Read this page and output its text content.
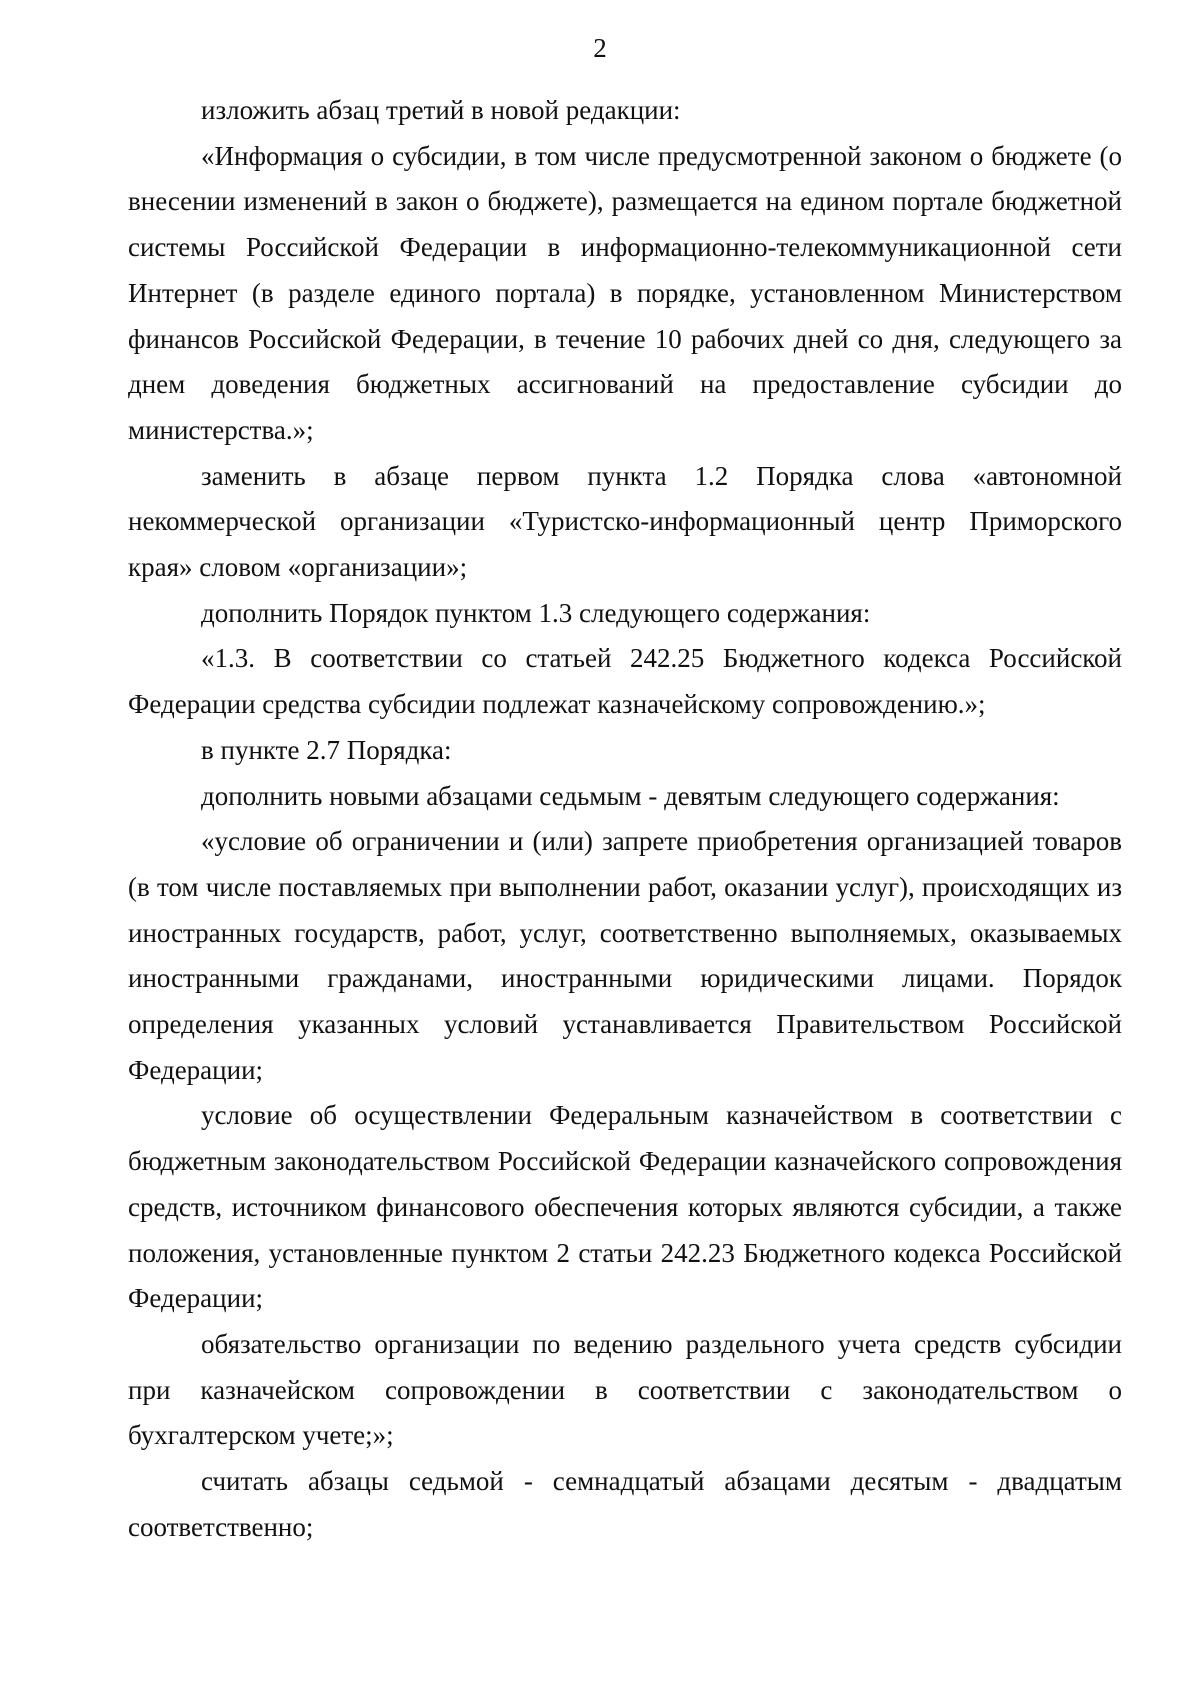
2

изложить абзац третий в новой редакции:

«Информация о субсидии, в том числе предусмотренной законом о бюджете (о внесении изменений в закон о бюджете), размещается на едином портале бюджетной системы Российской Федерации в информационно-телекоммуникационной сети Интернет (в разделе единого портала) в порядке, установленном Министерством финансов Российской Федерации, в течение 10 рабочих дней со дня, следующего за днем доведения бюджетных ассигнований на предоставление субсидии до министерства.»;

заменить в абзаце первом пункта 1.2 Порядка слова «автономной некоммерческой организации «Туристско-информационный центр Приморского края» словом «организации»;

дополнить Порядок пунктом 1.3 следующего содержания:

«1.3. В соответствии со статьей 242.25 Бюджетного кодекса Российской Федерации средства субсидии подлежат казначейскому сопровождению.»;

в пункте 2.7 Порядка:

дополнить новыми абзацами седьмым - девятым следующего содержания:

«условие об ограничении и (или) запрете приобретения организацией товаров (в том числе поставляемых при выполнении работ, оказании услуг), происходящих из иностранных государств, работ, услуг, соответственно выполняемых, оказываемых иностранными гражданами, иностранными юридическими лицами. Порядок определения указанных условий устанавливается Правительством Российской Федерации;

условие об осуществлении Федеральным казначейством в соответствии с бюджетным законодательством Российской Федерации казначейского сопровождения средств, источником финансового обеспечения которых являются субсидии, а также положения, установленные пунктом 2 статьи 242.23 Бюджетного кодекса Российской Федерации;

обязательство организации по ведению раздельного учета средств субсидии при казначейском сопровождении в соответствии с законодательством о бухгалтерском учете;»;

считать абзацы седьмой - семнадцатый абзацами десятым - двадцатым соответственно;
